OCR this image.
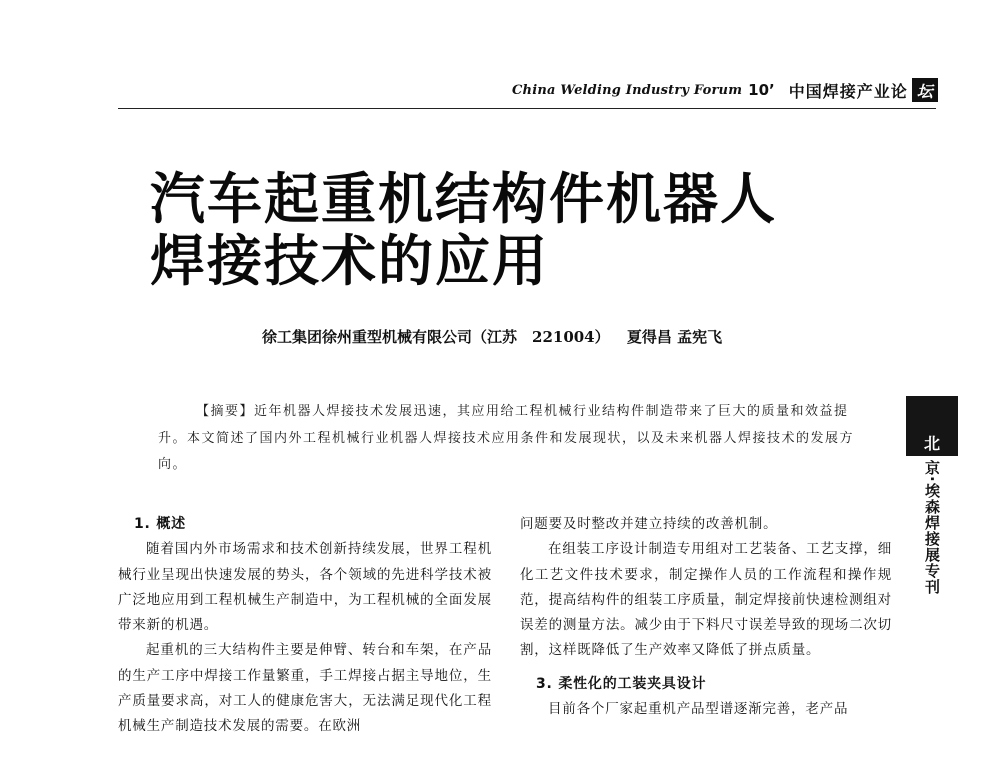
China Welding Industry Forum 10’ 中国焊接产业论 坛
汽车起重机结构件机器人
焊接技术的应用
徐工集团徐州重型机械有限公司（江苏　221004） 夏得昌 孟宪飞

【摘要】近年机器人焊接技术发展迅速，其应用给工程机械行业结构件制造带来了巨大的质量和效益提升。本文简述了国内外工程机械行业机器人焊接技术应用条件和发展现状，以及未来机器人焊接技术的发展方向。

1. 概述

随着国内外市场需求和技术创新持续发展，世界工程机械行业呈现出快速发展的势头，各个领域的先进科学技术被广泛地应用到工程机械生产制造中，为工程机械的全面发展带来新的机遇。

起重机的三大结构件主要是伸臂、转台和车架，在产品的生产工序中焊接工作量繁重，手工焊接占据主导地位，生产质量要求高，对工人的健康危害大，无法满足现代化工程机械生产制造技术发展的需要。在欧洲

问题要及时整改并建立持续的改善机制。

在组装工序设计制造专用组对工艺装备、工艺支撑，细化工艺文件技术要求，制定操作人员的工作流程和操作规范，提高结构件的组装工序质量，制定焊接前快速检测组对误差的测量方法。减少由于下料尺寸误差导致的现场二次切割，这样既降低了生产效率又降低了拼点质量。

3. 柔性化的工装夹具设计

目前各个厂家起重机产品型谱逐渐完善，老产品

北
京·埃森焊接展专刊
